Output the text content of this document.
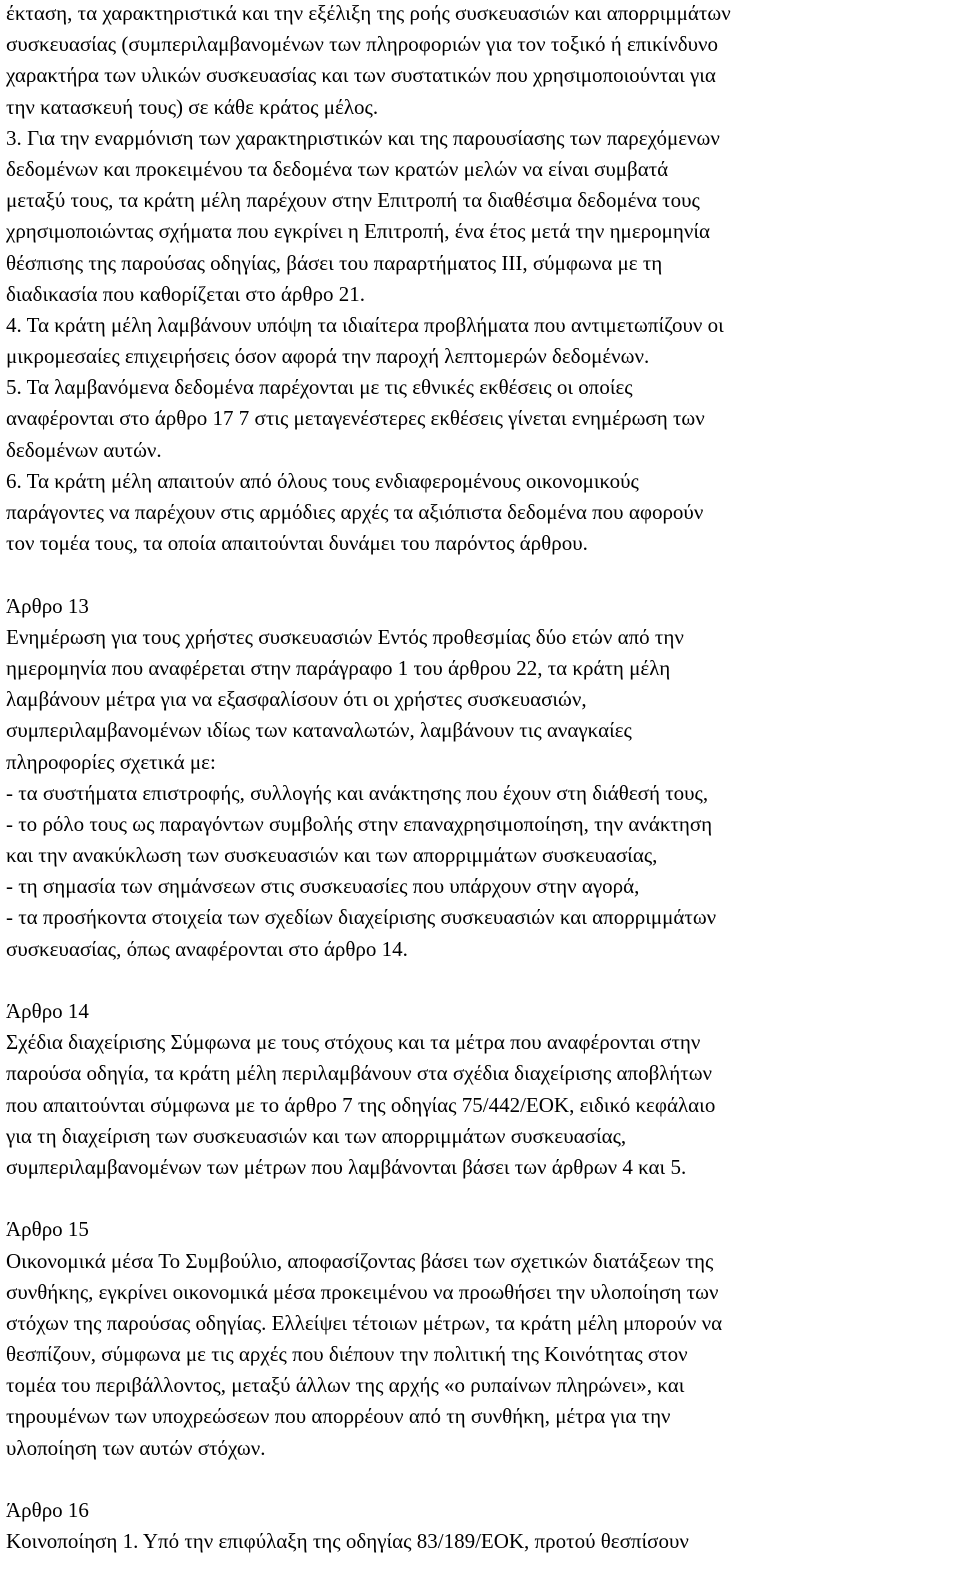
έκταση, τα χαρακτηριστικά και την εξέλιξη της ροής συσκευασιών και απορριμμάτων
συσκευασίας (συμπεριλαμβανομένων των πληροφοριών για τον τοξικό ή επικίνδυνο
χαρακτήρα των υλικών συσκευασίας και των συστατικών που χρησιμοποιούνται για
την κατασκευή τους) σε κάθε κράτος μέλος.
3. Για την εναρμόνιση των χαρακτηριστικών και της παρουσίασης των παρεχόμενων
δεδομένων και προκειμένου τα δεδομένα των κρατών μελών να είναι συμβατά
μεταξύ τους, τα κράτη μέλη παρέχουν στην Επιτροπή τα διαθέσιμα δεδομένα τους
χρησιμοποιώντας σχήματα που εγκρίνει η Επιτροπή, ένα έτος μετά την ημερομηνία
θέσπισης της παρούσας οδηγίας, βάσει του παραρτήματος ΙΙΙ, σύμφωνα με τη
διαδικασία που καθορίζεται στο άρθρο 21.
4. Τα κράτη μέλη λαμβάνουν υπόψη τα ιδιαίτερα προβλήματα που αντιμετωπίζουν οι
μικρομεσαίες επιχειρήσεις όσον αφορά την παροχή λεπτομερών δεδομένων.
5. Τα λαμβανόμενα δεδομένα παρέχονται με τις εθνικές εκθέσεις οι οποίες
αναφέρονται στο άρθρο 17 7 στις μεταγενέστερες εκθέσεις γίνεται ενημέρωση των
δεδομένων αυτών.
6. Τα κράτη μέλη απαιτούν από όλους τους ενδιαφερομένους οικονομικούς
παράγοντες να παρέχουν στις αρμόδιες αρχές τα αξιόπιστα δεδομένα που αφορούν
τον τομέα τους, τα οποία απαιτούνται δυνάμει του παρόντος άρθρου.
Άρθρο 13
Ενημέρωση για τους χρήστες συσκευασιών Εντός προθεσμίας δύο ετών από την
ημερομηνία που αναφέρεται στην παράγραφο 1 του άρθρου 22, τα κράτη μέλη
λαμβάνουν μέτρα για να εξασφαλίσουν ότι οι χρήστες συσκευασιών,
συμπεριλαμβανομένων ιδίως των καταναλωτών, λαμβάνουν τις αναγκαίες
πληροφορίες σχετικά με:
- τα συστήματα επιστροφής, συλλογής και ανάκτησης που έχουν στη διάθεσή τους,
- το ρόλο τους ως παραγόντων συμβολής στην επαναχρησιμοποίηση, την ανάκτηση
και την ανακύκλωση των συσκευασιών και των απορριμμάτων συσκευασίας,
- τη σημασία των σημάνσεων στις συσκευασίες που υπάρχουν στην αγορά,
- τα προσήκοντα στοιχεία των σχεδίων διαχείρισης συσκευασιών και απορριμμάτων
συσκευασίας, όπως αναφέρονται στο άρθρο 14.
Άρθρο 14
Σχέδια διαχείρισης Σύμφωνα με τους στόχους και τα μέτρα που αναφέρονται στην
παρούσα οδηγία, τα κράτη μέλη περιλαμβάνουν στα σχέδια διαχείρισης αποβλήτων
που απαιτούνται σύμφωνα με το άρθρο 7 της οδηγίας 75/442/ΕΟΚ, ειδικό κεφάλαιο
για τη διαχείριση των συσκευασιών και των απορριμμάτων συσκευασίας,
συμπεριλαμβανομένων των μέτρων που λαμβάνονται βάσει των άρθρων 4 και 5.
Άρθρο 15
Οικονομικά μέσα Το Συμβούλιο, αποφασίζοντας βάσει των σχετικών διατάξεων της
συνθήκης, εγκρίνει οικονομικά μέσα προκειμένου να προωθήσει την υλοποίηση των
στόχων της παρούσας οδηγίας. Ελλείψει τέτοιων μέτρων, τα κράτη μέλη μπορούν να
θεσπίζουν, σύμφωνα με τις αρχές που διέπουν την πολιτική της Κοινότητας στον
τομέα του περιβάλλοντος, μεταξύ άλλων της αρχής «ο ρυπαίνων πληρώνει», και
τηρουμένων των υποχρεώσεων που απορρέουν από τη συνθήκη, μέτρα για την
υλοποίηση των αυτών στόχων.
Άρθρο 16
Κοινοποίηση 1. Υπό την επιφύλαξη της οδηγίας 83/189/ΕΟΚ, πρoτού θεσπίσουν
